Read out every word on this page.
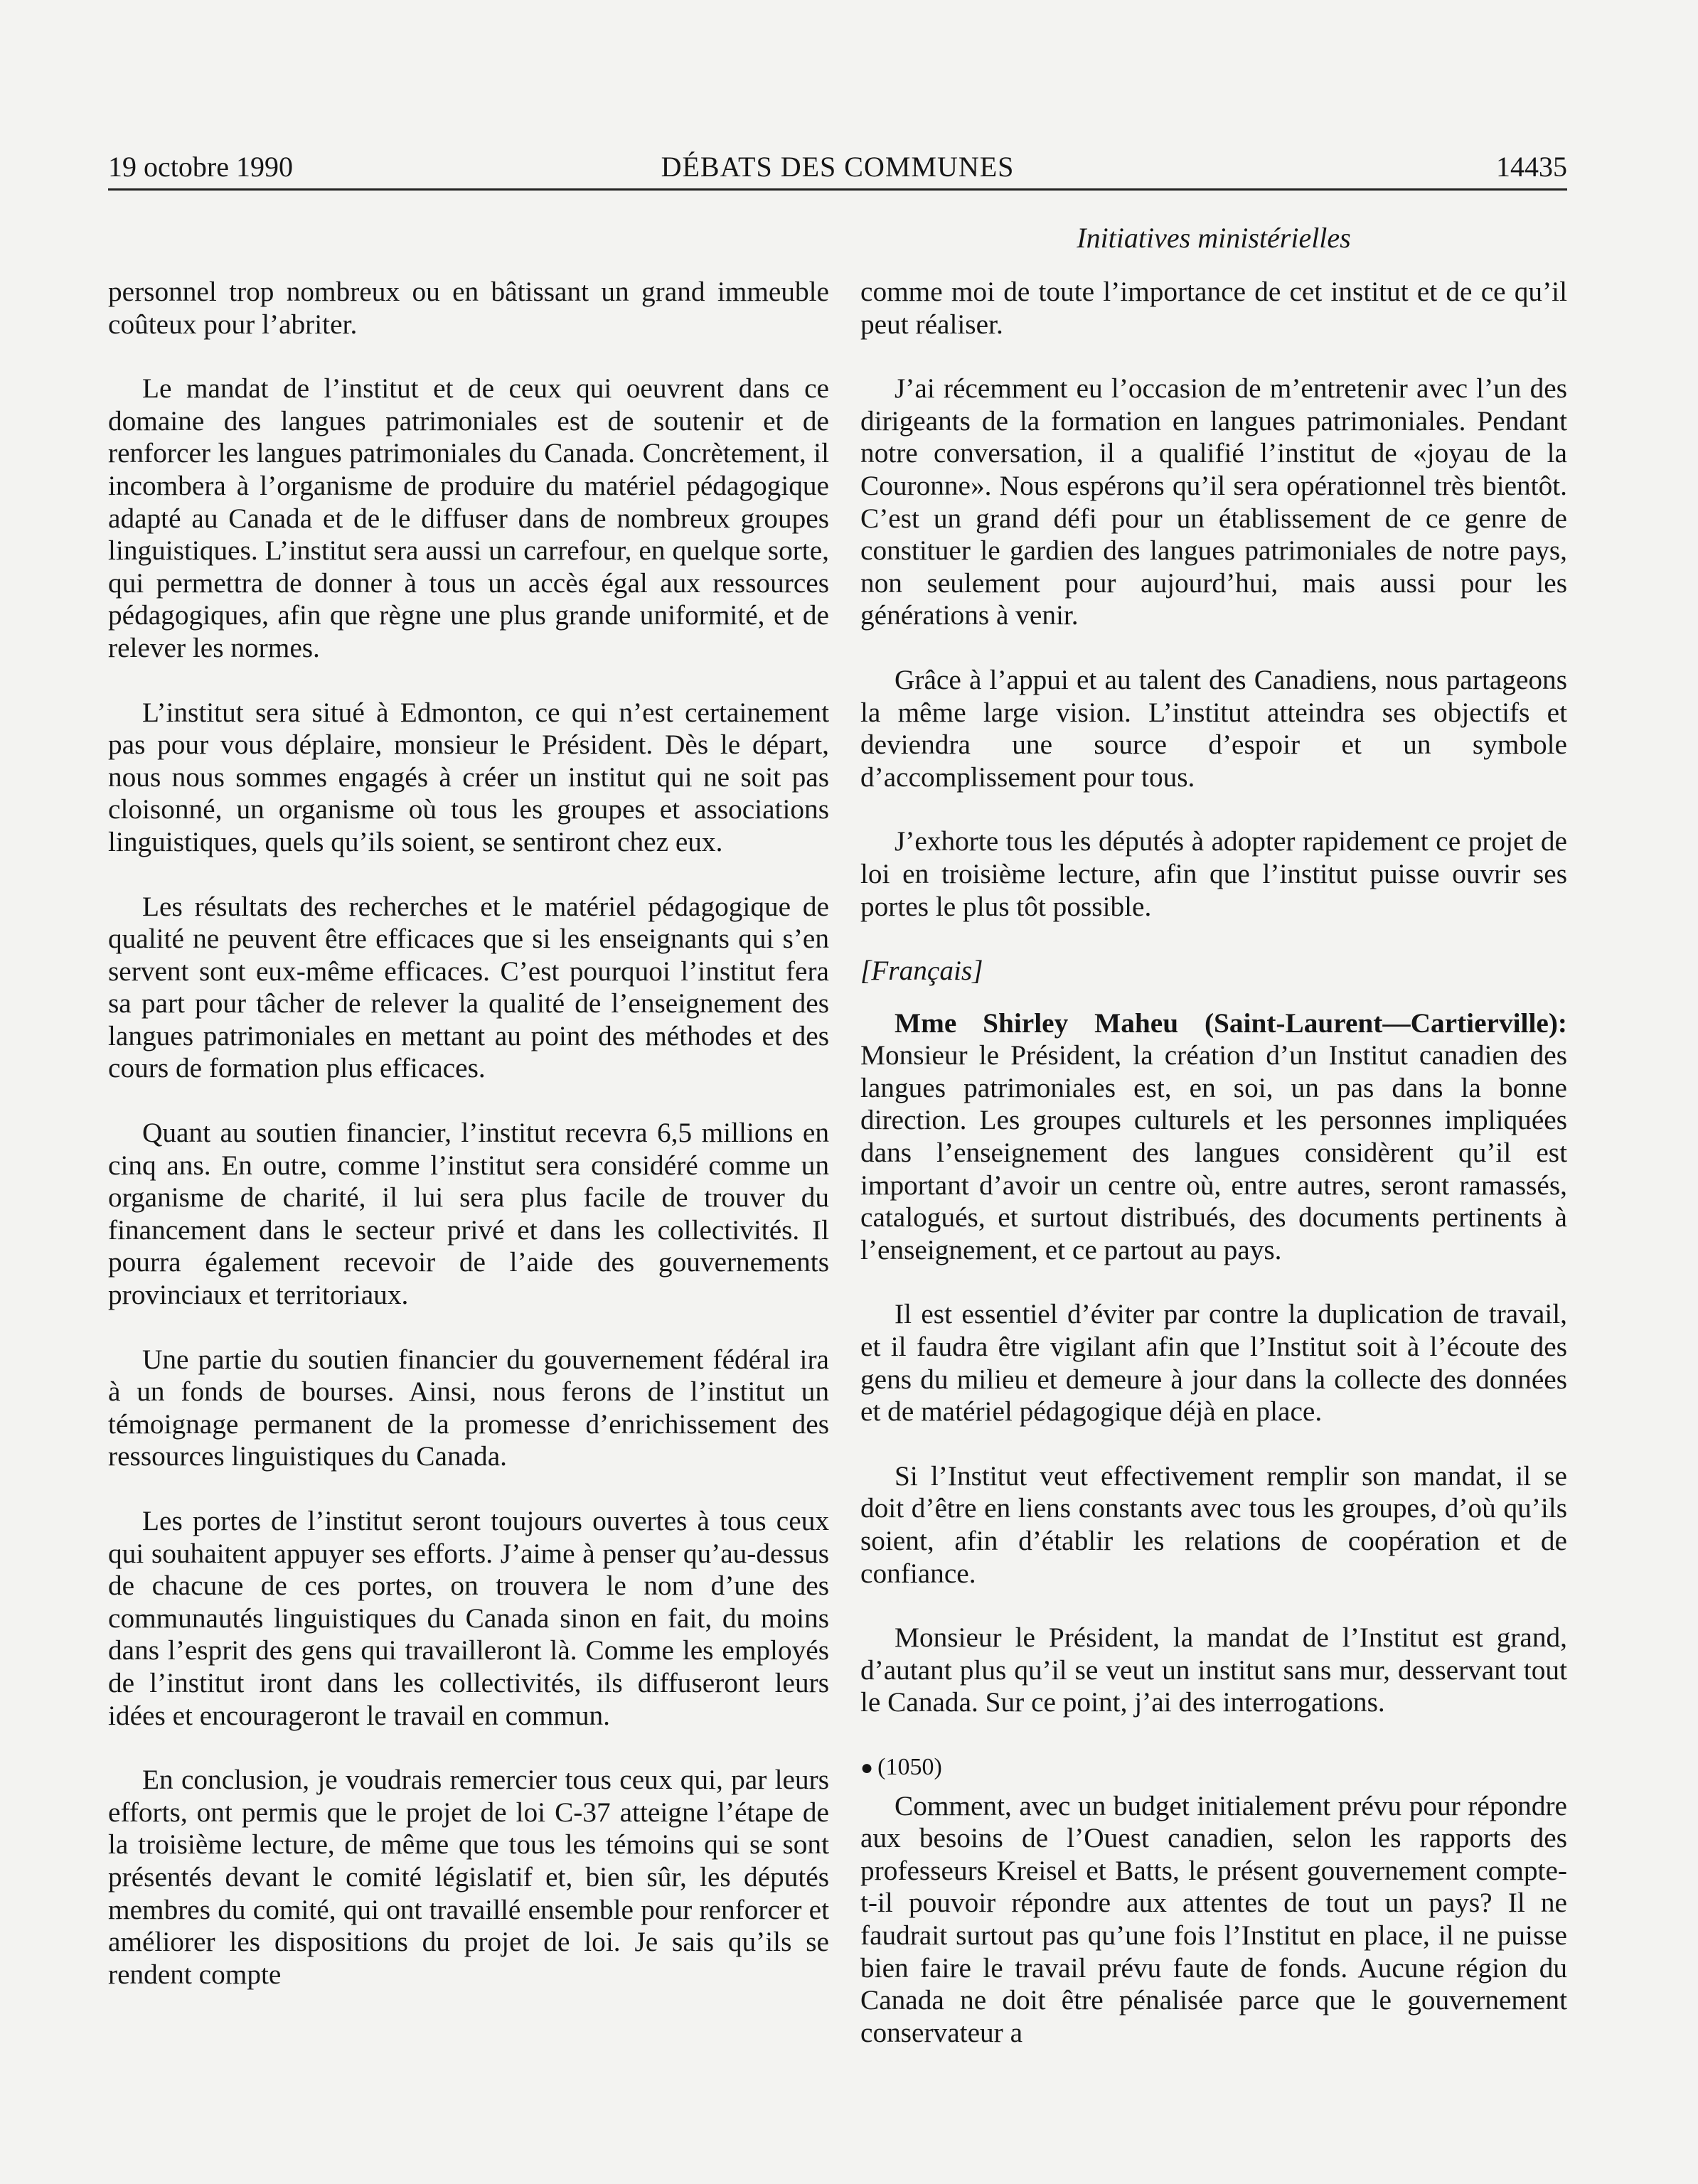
19 octobre 1990	DÉBATS DES COMMUNES	14435
Initiatives ministérielles

personnel trop nombreux ou en bâtissant un grand immeuble coûteux pour l’abriter.

Le mandat de l’institut et de ceux qui oeuvrent dans ce domaine des langues patrimoniales est de soutenir et de renforcer les langues patrimoniales du Canada. Concrètement, il incombera à l’organisme de produire du matériel pédagogique adapté au Canada et de le diffuser dans de nombreux groupes linguistiques. L’institut sera aussi un carrefour, en quelque sorte, qui permettra de donner à tous un accès égal aux ressources pédagogiques, afin que règne une plus grande uniformité, et de relever les normes.

L’institut sera situé à Edmonton, ce qui n’est certainement pas pour vous déplaire, monsieur le Président. Dès le départ, nous nous sommes engagés à créer un institut qui ne soit pas cloisonné, un organisme où tous les groupes et associations linguistiques, quels qu’ils soient, se sentiront chez eux.

Les résultats des recherches et le matériel pédagogique de qualité ne peuvent être efficaces que si les enseignants qui s’en servent sont eux-même efficaces. C’est pourquoi l’institut fera sa part pour tâcher de relever la qualité de l’enseignement des langues patrimoniales en mettant au point des méthodes et des cours de formation plus efficaces.

Quant au soutien financier, l’institut recevra 6,5 millions en cinq ans. En outre, comme l’institut sera considéré comme un organisme de charité, il lui sera plus facile de trouver du financement dans le secteur privé et dans les collectivités. Il pourra également recevoir de l’aide des gouvernements provinciaux et territoriaux.

Une partie du soutien financier du gouvernement fédéral ira à un fonds de bourses. Ainsi, nous ferons de l’institut un témoignage permanent de la promesse d’enrichissement des ressources linguistiques du Canada.

Les portes de l’institut seront toujours ouvertes à tous ceux qui souhaitent appuyer ses efforts. J’aime à penser qu’au-dessus de chacune de ces portes, on trouvera le nom d’une des communautés linguistiques du Canada sinon en fait, du moins dans l’esprit des gens qui travailleront là. Comme les employés de l’institut iront dans les collectivités, ils diffuseront leurs idées et encourageront le travail en commun.

En conclusion, je voudrais remercier tous ceux qui, par leurs efforts, ont permis que le projet de loi C-37 atteigne l’étape de la troisième lecture, de même que tous les témoins qui se sont présentés devant le comité législatif et, bien sûr, les députés membres du comité, qui ont travaillé ensemble pour renforcer et améliorer les dispositions du projet de loi. Je sais qu’ils se rendent compte

comme moi de toute l’importance de cet institut et de ce qu’il peut réaliser.

J’ai récemment eu l’occasion de m’entretenir avec l’un des dirigeants de la formation en langues patrimoniales. Pendant notre conversation, il a qualifié l’institut de «joyau de la Couronne». Nous espérons qu’il sera opérationnel très bientôt. C’est un grand défi pour un établissement de ce genre de constituer le gardien des langues patrimoniales de notre pays, non seulement pour aujourd’hui, mais aussi pour les générations à venir.

Grâce à l’appui et au talent des Canadiens, nous partageons la même large vision. L’institut atteindra ses objectifs et deviendra une source d’espoir et un symbole d’accomplissement pour tous.

J’exhorte tous les députés à adopter rapidement ce projet de loi en troisième lecture, afin que l’institut puisse ouvrir ses portes le plus tôt possible.

[Français]

Mme Shirley Maheu (Saint-Laurent—Cartierville): Monsieur le Président, la création d’un Institut canadien des langues patrimoniales est, en soi, un pas dans la bonne direction. Les groupes culturels et les personnes impliquées dans l’enseignement des langues considèrent qu’il est important d’avoir un centre où, entre autres, seront ramassés, catalogués, et surtout distribués, des documents pertinents à l’enseignement, et ce partout au pays.

Il est essentiel d’éviter par contre la duplication de travail, et il faudra être vigilant afin que l’Institut soit à l’écoute des gens du milieu et demeure à jour dans la collecte des données et de matériel pédagogique déjà en place.

Si l’Institut veut effectivement remplir son mandat, il se doit d’être en liens constants avec tous les groupes, d’où qu’ils soient, afin d’établir les relations de coopération et de confiance.

Monsieur le Président, la mandat de l’Institut est grand, d’autant plus qu’il se veut un institut sans mur, desservant tout le Canada. Sur ce point, j’ai des interrogations.

● (1050)

Comment, avec un budget initialement prévu pour répondre aux besoins de l’Ouest canadien, selon les rapports des professeurs Kreisel et Batts, le présent gouvernement compte-t-il pouvoir répondre aux attentes de tout un pays? Il ne faudrait surtout pas qu’une fois l’Institut en place, il ne puisse bien faire le travail prévu faute de fonds. Aucune région du Canada ne doit être pénalisée parce que le gouvernement conservateur a
